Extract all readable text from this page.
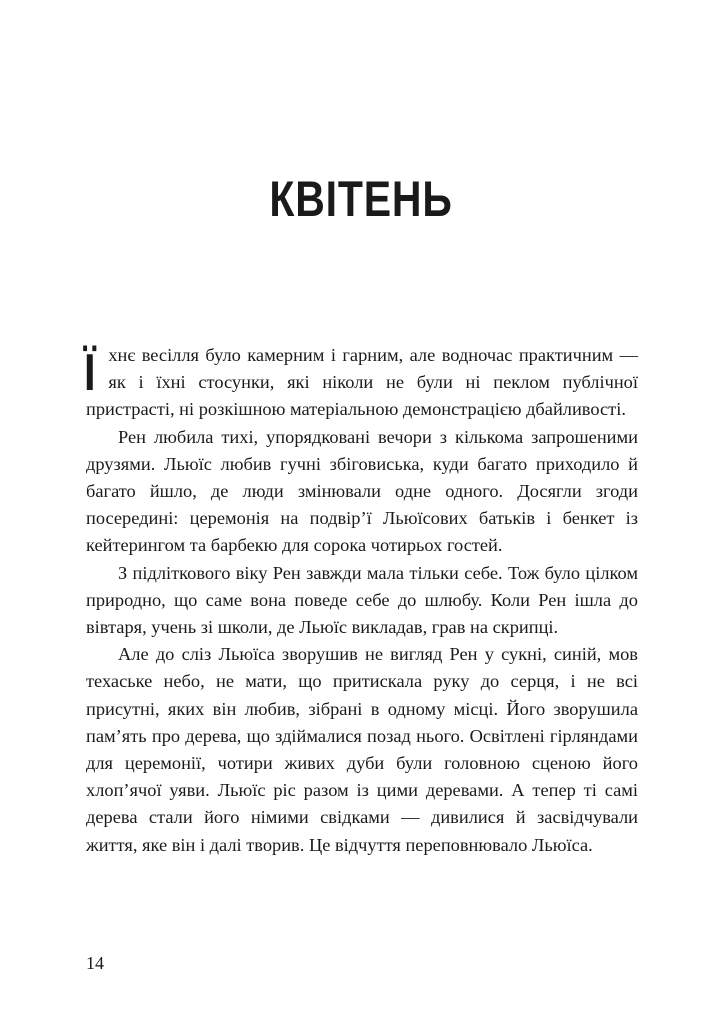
КВІТЕНЬ

Їхнє весілля було камерним і гарним, але водночас практичним — як і їхні стосунки, які ніколи не були ні пеклом публічної пристрасті, ні розкішною матеріальною демонстрацією дбайливості.

Рен любила тихі, упорядковані вечори з кількома запрошеними друзями. Льюїс любив гучні збіговиська, куди багато приходило й багато йшло, де люди змінювали одне одного. Досягли згоди посередині: церемонія на подвір’ї Льюїсових батьків і бенкет із кейтерингом та барбекю для сорока чотирьох гостей.

З підліткового віку Рен завжди мала тільки себе. Тож було цілком природно, що саме вона поведе себе до шлюбу. Коли Рен ішла до вівтаря, учень зі школи, де Льюїс викладав, грав на скрипці.

Але до сліз Льюїса зворушив не вигляд Рен у сукні, синій, мов техаське небо, не мати, що притискала руку до серця, і не всі присутні, яких він любив, зібрані в одному місці. Його зворушила пам’ять про дерева, що здіймалися позад нього. Освітлені гірляндами для церемонії, чотири живих дуби були головною сценою його хлоп’ячої уяви. Льюїс ріс разом із цими деревами. А тепер ті самі дерева стали його німими свідками — дивилися й засвідчували життя, яке він і далі творив. Це відчуття переповнювало Льюїса.

14
